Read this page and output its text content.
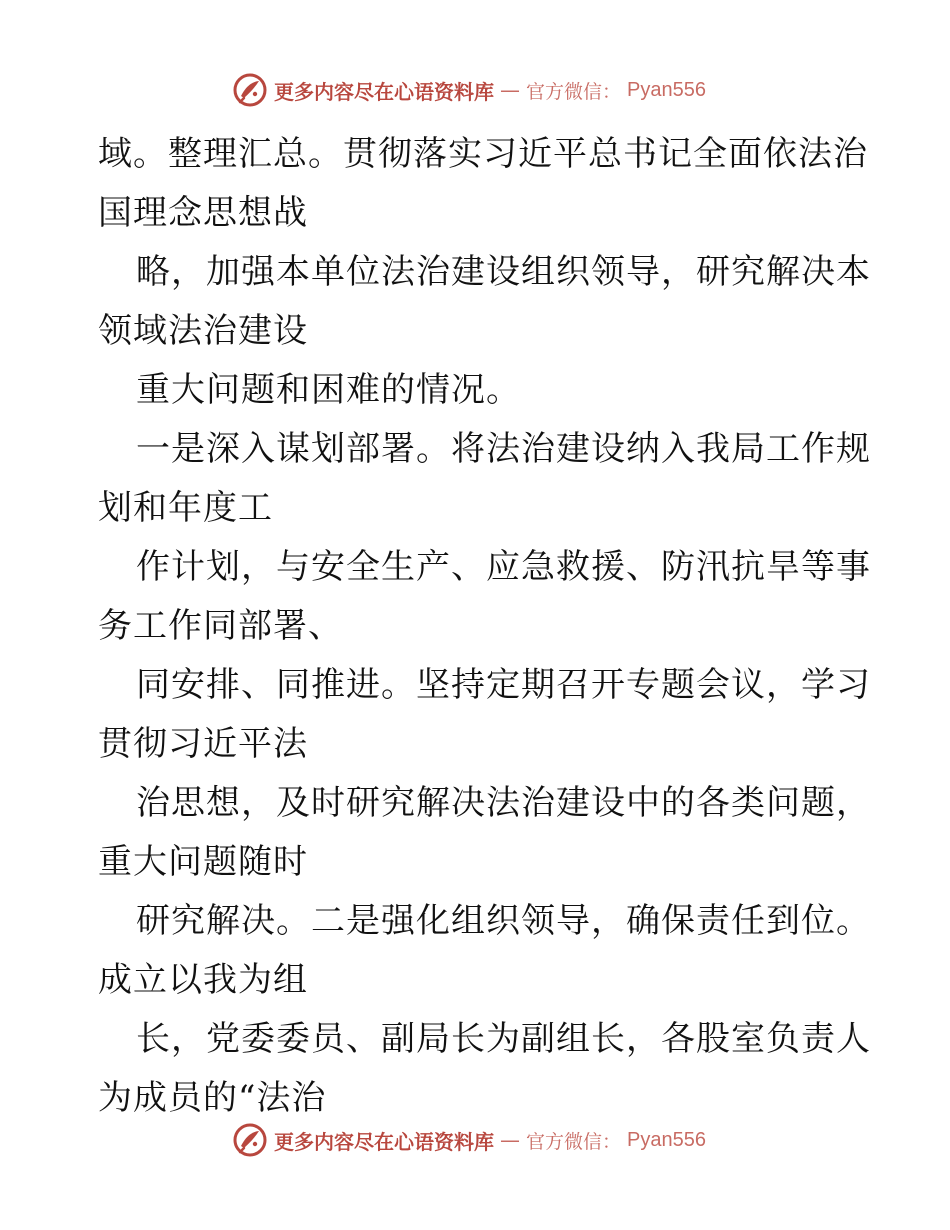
更多内容尽在心语资料库 — 官方微信： Pyan556
域。整理汇总。贯彻落实习近平总书记全面依法治
国理念思想战
略，加强本单位法治建设组织领导，研究解决本
领域法治建设
重大问题和困难的情况。
一是深入谋划部署。将法治建设纳入我局工作规
划和年度工
作计划，与安全生产、应急救援、防汛抗旱等事
务工作同部署、
同安排、同推进。坚持定期召开专题会议，学习
贯彻习近平法
治思想，及时研究解决法治建设中的各类问题，
重大问题随时
研究解决。二是强化组织领导，确保责任到位。
成立以我为组
长，党委委员、副局长为副组长，各股室负责人
为成员的“法治
更多内容尽在心语资料库 — 官方微信： Pyan556
